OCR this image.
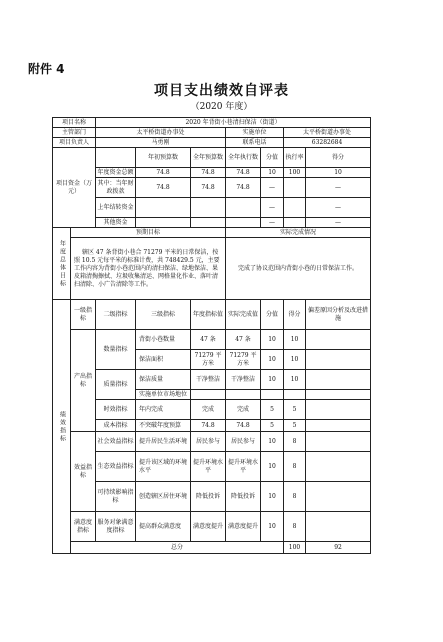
附件 4
项目支出绩效自评表
（2020 年度）
项目名称		2020 年背街小巷清扫保洁（街道）							
主管部门		太平桥街道办事处			实施单位		太平桥街道办事处		
项目负责人		马勇刚			联系电话		63282684		
项目资金（万元）			年初预算数	全年预算数	全年执行数	分值	执行率	得分	
		年度资金总额	74.8	74.8	74.8	10	100	10	
		其中：当年财政拨款	74.8	74.8	74.8	—		—	
		上年结转资金				—		—	
		其他资金				—		—	

年度总体目标	预期目标				实际完成情况				
	辖区 47 条背街小巷合 71279 平米的日常保洁，按照 10.5 元每平米的标准计费，共 748429.5 元，主要工作内容为背街小巷范围内的清扫保洁、绿地保洁、果皮箱清掏擦拭、垃圾收集清运、网格量化作业、落叶清扫清除、小广告清除等工作。				完成了协议范围内背街小巷的日常保洁工作。				

绩效指标	一级指标	二级指标	三级指标	年度指标值	实际完成值	分值	得分	偏差原因分析及改进措施	
	产出指标	数量指标	背街小巷数量	47 条	47 条	10	10		
			保洁面积	71279 平方米	71279 平方米	10	10		
		质量指标	保洁质量	干净整洁	干净整洁	10	10		
			实施单位市场地位						
		时效指标	年内完成	完成	完成	5	5		
		成本指标	不突破年度预算	74.8	74.8	5	5		
	效益指标	社会效益指标	提升居民生活环境	居民参与	居民参与	10	8		
		生态效益指标	提升该区域的环境水平	提升环境水平	提升环境水平	10	8		
		可持续影响指标	创造辖区居住环境	降低投诉	降低投诉	10	8		
	满意度指标	服务对象满意度指标	提高群众满意度	满意度提升	满意度提升	10	8		
	总分						100	92	
